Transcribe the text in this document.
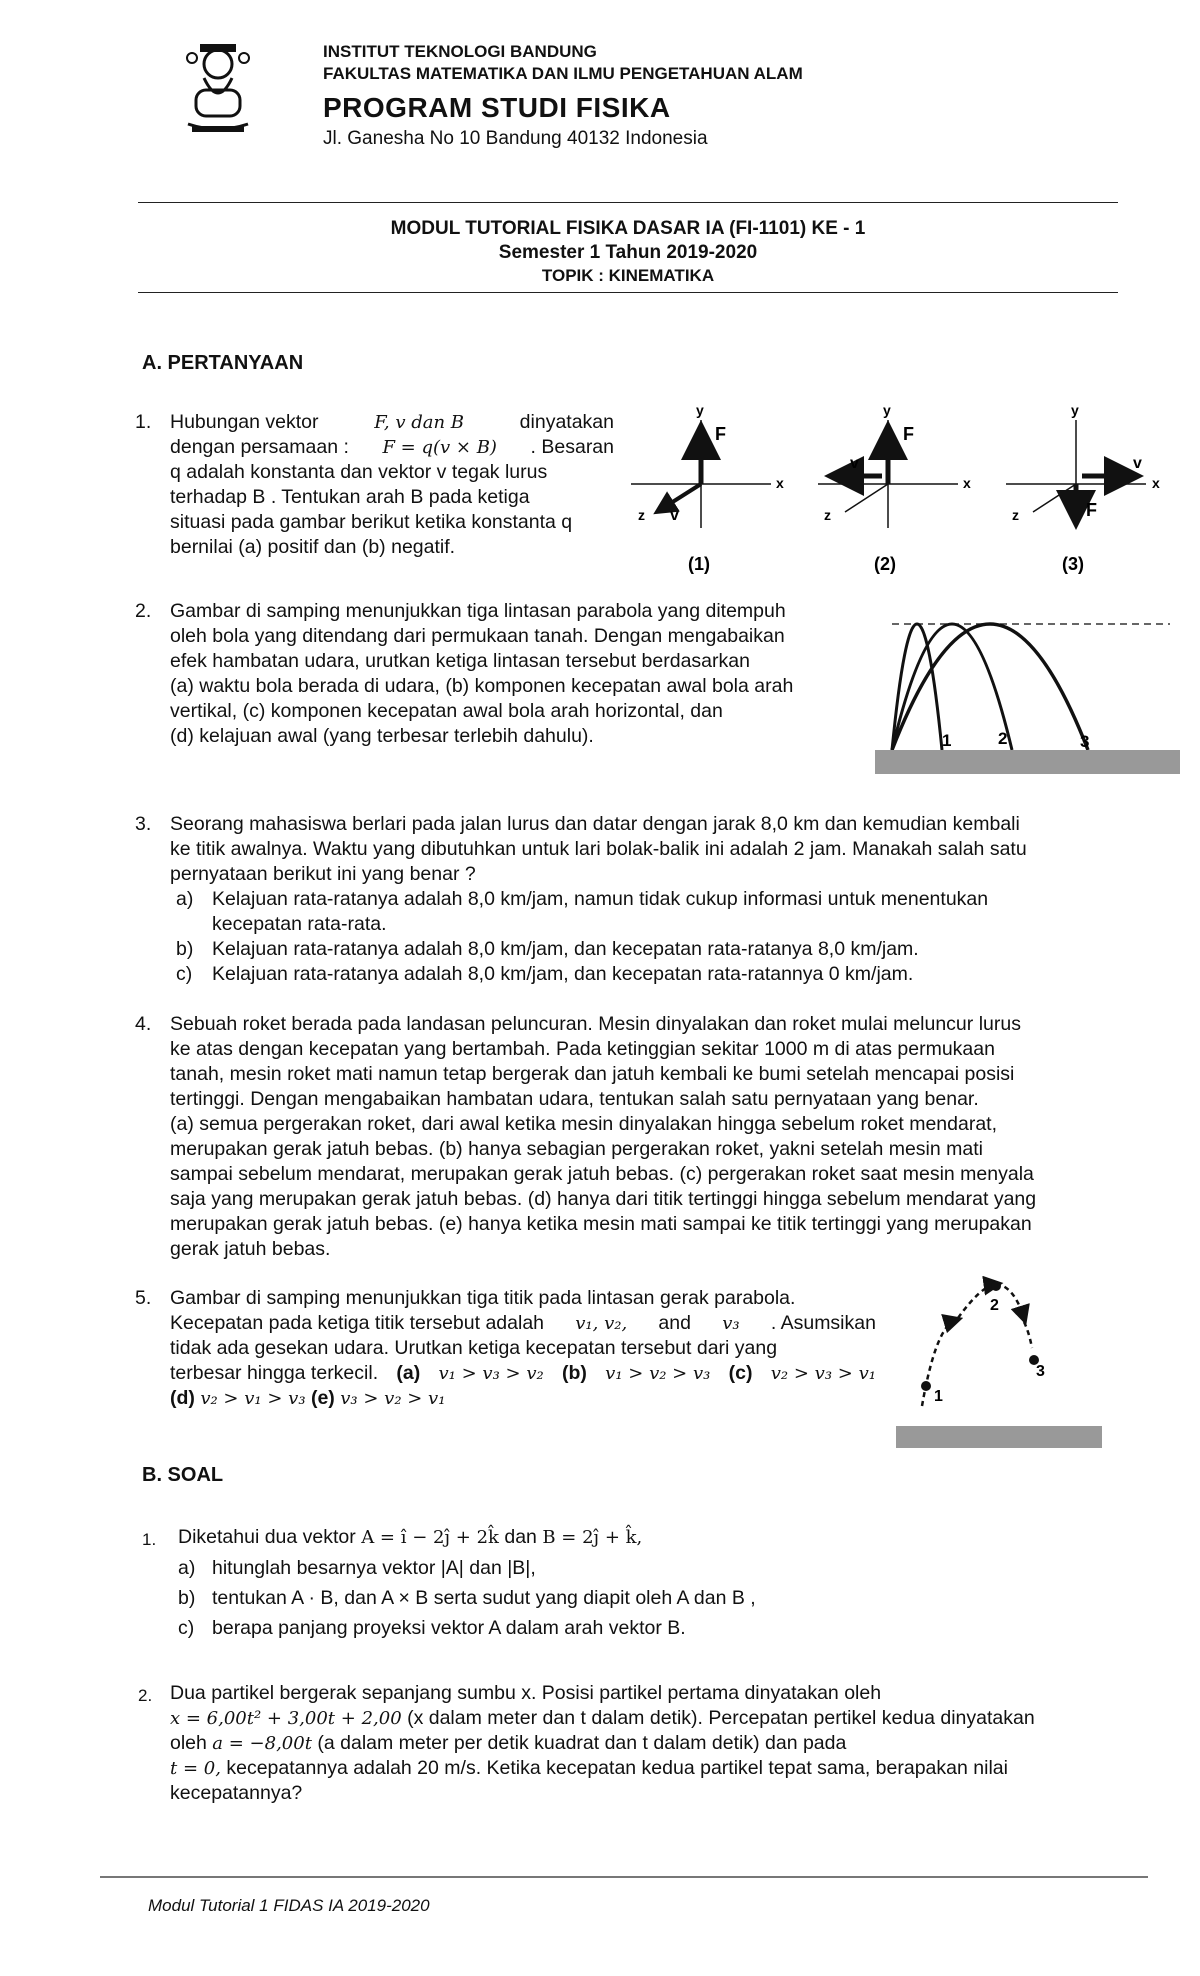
INSTITUT TEKNOLOGI BANDUNG
FAKULTAS MATEMATIKA DAN ILMU PENGETAHUAN ALAM
PROGRAM STUDI FISIKA
Jl. Ganesha No 10 Bandung 40132 Indonesia
MODUL TUTORIAL FISIKA DASAR IA (FI-1101) KE - 1
Semester 1 Tahun 2019-2020
TOPIK : KINEMATIKA
A. PERTANYAAN
1. Hubungan vektor	F, v dan B	dinyatakan
dengan persamaan : F = q(v × B) . Besaran
q adalah konstanta dan vektor v tegak lurus
terhadap B . Tentukan arah B pada ketiga
situasi pada gambar berikut ketika konstanta q
bernilai (a) positif dan (b) negatif.
y
x
z
F
v
(1)
y
x
z
F
v
(2)
y
x
z
v
F
(3)
2. Gambar di samping menunjukkan tiga lintasan parabola yang ditempuh
oleh bola yang ditendang dari permukaan tanah. Dengan mengabaikan
efek hambatan udara, urutkan ketiga lintasan tersebut berdasarkan
(a) waktu bola berada di udara, (b) komponen kecepatan awal bola arah
vertikal, (c) komponen kecepatan awal bola arah horizontal, dan
(d) kelajuan awal (yang terbesar terlebih dahulu).	1	2	3
3. Seorang mahasiswa berlari pada jalan lurus dan datar dengan jarak 8,0 km dan kemudian kembali
ke titik awalnya. Waktu yang dibutuhkan untuk lari bolak-balik ini adalah 2 jam. Manakah salah satu
pernyataan berikut ini yang benar ?
a) Kelajuan rata-ratanya adalah 8,0 km/jam, namun tidak cukup informasi untuk menentukan
kecepatan rata-rata.
b) Kelajuan rata-ratanya adalah 8,0 km/jam, dan kecepatan rata-ratanya 8,0 km/jam.
c) Kelajuan rata-ratanya adalah 8,0 km/jam, dan kecepatan rata-ratannya 0 km/jam.
4. Sebuah roket berada pada landasan peluncuran. Mesin dinyalakan dan roket mulai meluncur lurus
ke atas dengan kecepatan yang bertambah. Pada ketinggian sekitar 1000 m di atas permukaan
tanah, mesin roket mati namun tetap bergerak dan jatuh kembali ke bumi setelah mencapai posisi
tertinggi. Dengan mengabaikan hambatan udara, tentukan salah satu pernyataan yang benar.
(a) semua pergerakan roket, dari awal ketika mesin dinyalakan hingga sebelum roket mendarat,
merupakan gerak jatuh bebas. (b) hanya sebagian pergerakan roket, yakni setelah mesin mati
sampai sebelum mendarat, merupakan gerak jatuh bebas. (c) pergerakan roket saat mesin menyala
saja yang merupakan gerak jatuh bebas. (d) hanya dari titik tertinggi hingga sebelum mendarat yang
merupakan gerak jatuh bebas. (e) hanya ketika mesin mati sampai ke titik tertinggi yang merupakan
gerak jatuh bebas.
5. Gambar di samping menunjukkan tiga titik pada lintasan gerak parabola.
Kecepatan pada ketiga titik tersebut adalah v₁, v₂, and v₃ . Asumsikan
tidak ada gesekan udara. Urutkan ketiga kecepatan tersebut dari yang
terbesar hingga terkecil. (a) v₁ > v₃ > v₂ (b) v₁ > v₂ > v₃ (c) v₂ > v₃ > v₁
(d) v₂ > v₁ > v₃ (e) v₃ > v₂ > v₁	1
2
3
B. SOAL
1. Diketahui dua vektor A = î − 2ĵ + 2k̂ dan B = 2ĵ + k̂,
a) hitunglah besarnya vektor |A| dan |B|,
b) tentukan A · B, dan A × B serta sudut yang diapit oleh A dan B ,
c) berapa panjang proyeksi vektor A dalam arah vektor B.
2. Dua partikel bergerak sepanjang sumbu x. Posisi partikel pertama dinyatakan oleh
x = 6,00t² + 3,00t + 2,00 (x dalam meter dan t dalam detik). Percepatan pertikel kedua dinyatakan
oleh a = −8,00t (a dalam meter per detik kuadrat dan t dalam detik) dan pada
t = 0, kecepatannya adalah 20 m/s. Ketika kecepatan kedua partikel tepat sama, berapakan nilai
kecepatannya?
Modul Tutorial 1 FIDAS IA 2019-2020
